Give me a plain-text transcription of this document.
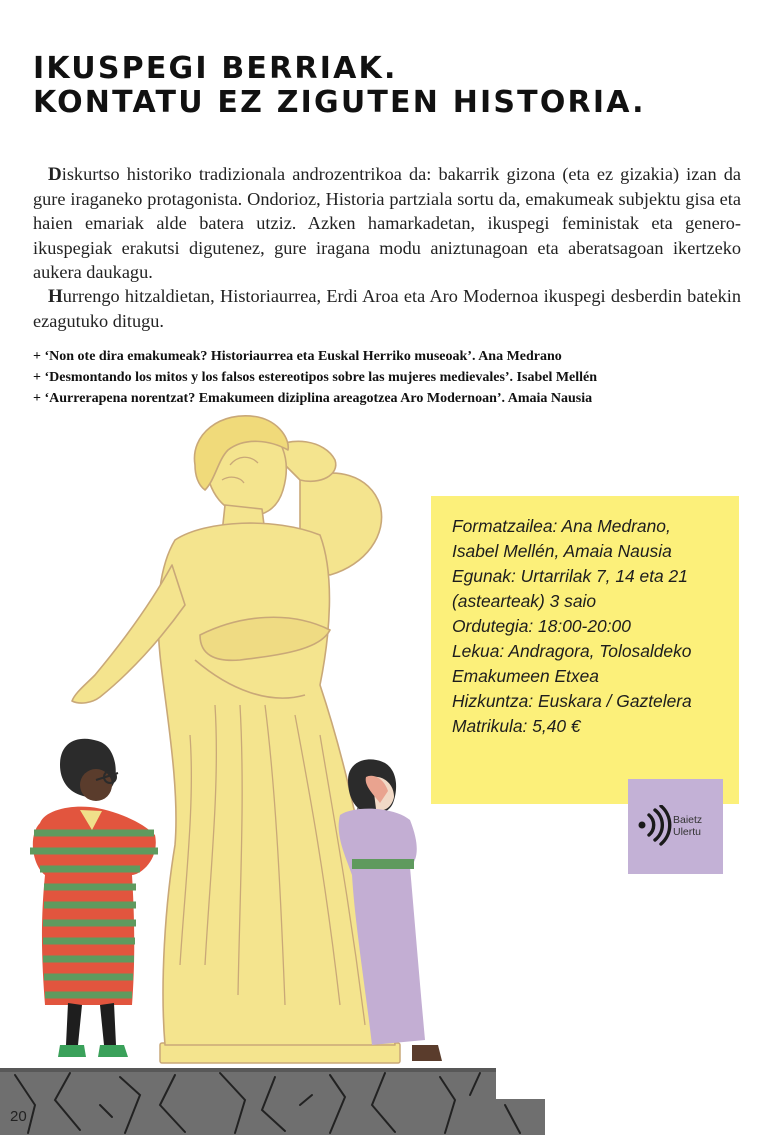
IKUSPEGI BERRIAK.
KONTATU EZ ZIGUTEN HISTORIA.

Diskurtso historiko tradizionala androzentrikoa da: bakarrik gizona (eta ez gizakia) izan da gure iraganeko protagonista. Ondorioz, Historia partziala sortu da, emakumeak subjektu gisa eta haien emariak alde batera utziz. Azken hamarkadetan, ikuspegi feministak eta genero-ikuspegiak erakutsi digutenez, gure iragana modu aniztunagoan eta aberatsagoan ikertzeko aukera daukagu.

Hurrengo hitzaldietan, Historiaurrea, Erdi Aroa eta Aro Modernoa ikuspegi desberdin batekin ezagutuko ditugu.

+ ‘Non ote dira emakumeak? Historiaurrea eta Euskal Herriko museoak’. Ana Medrano
+ ‘Desmontando los mitos y los falsos estereotipos sobre las mujeres medievales’. Isabel Mellén
+ ‘Aurrerapena norentzat? Emakumeen diziplina areagotzea Aro Modernoan’. Amaia Nausia
Formatzailea: Ana Medrano,
Isabel Mellén, Amaia Nausia
Egunak: Urtarrilak 7, 14 eta 21
(astearteak) 3 saio
Ordutegia: 18:00-20:00
Lekua: Andragora, Tolosaldeko
Emakumeen Etxea
Hizkuntza: Euskara / Gaztelera
Matrikula: 5,40 €
Baietz
Ulertu
20
